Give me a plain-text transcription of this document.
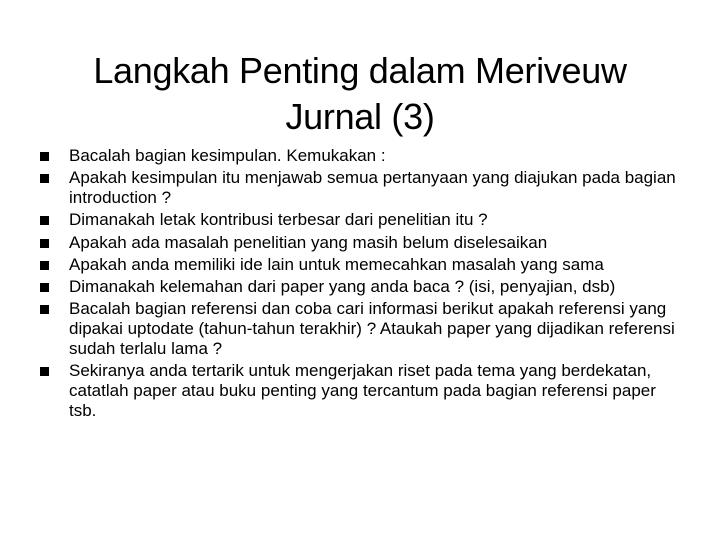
Langkah Penting dalam Meriveuw
Jurnal (3)
Bacalah bagian kesimpulan. Kemukakan :
Apakah kesimpulan itu menjawab semua pertanyaan yang diajukan pada bagian introduction ?
Dimanakah letak kontribusi terbesar dari penelitian itu ?
Apakah ada masalah penelitian yang masih belum diselesaikan
Apakah anda memiliki ide lain untuk memecahkan masalah yang sama
Dimanakah kelemahan dari paper yang anda baca ? (isi, penyajian, dsb)
Bacalah bagian referensi dan coba cari informasi berikut apakah referensi yang dipakai uptodate (tahun-tahun terakhir) ? Ataukah paper yang dijadikan referensi sudah terlalu lama ?
Sekiranya anda tertarik untuk mengerjakan riset pada tema yang berdekatan, catatlah paper atau buku penting yang tercantum pada bagian referensi paper tsb.
